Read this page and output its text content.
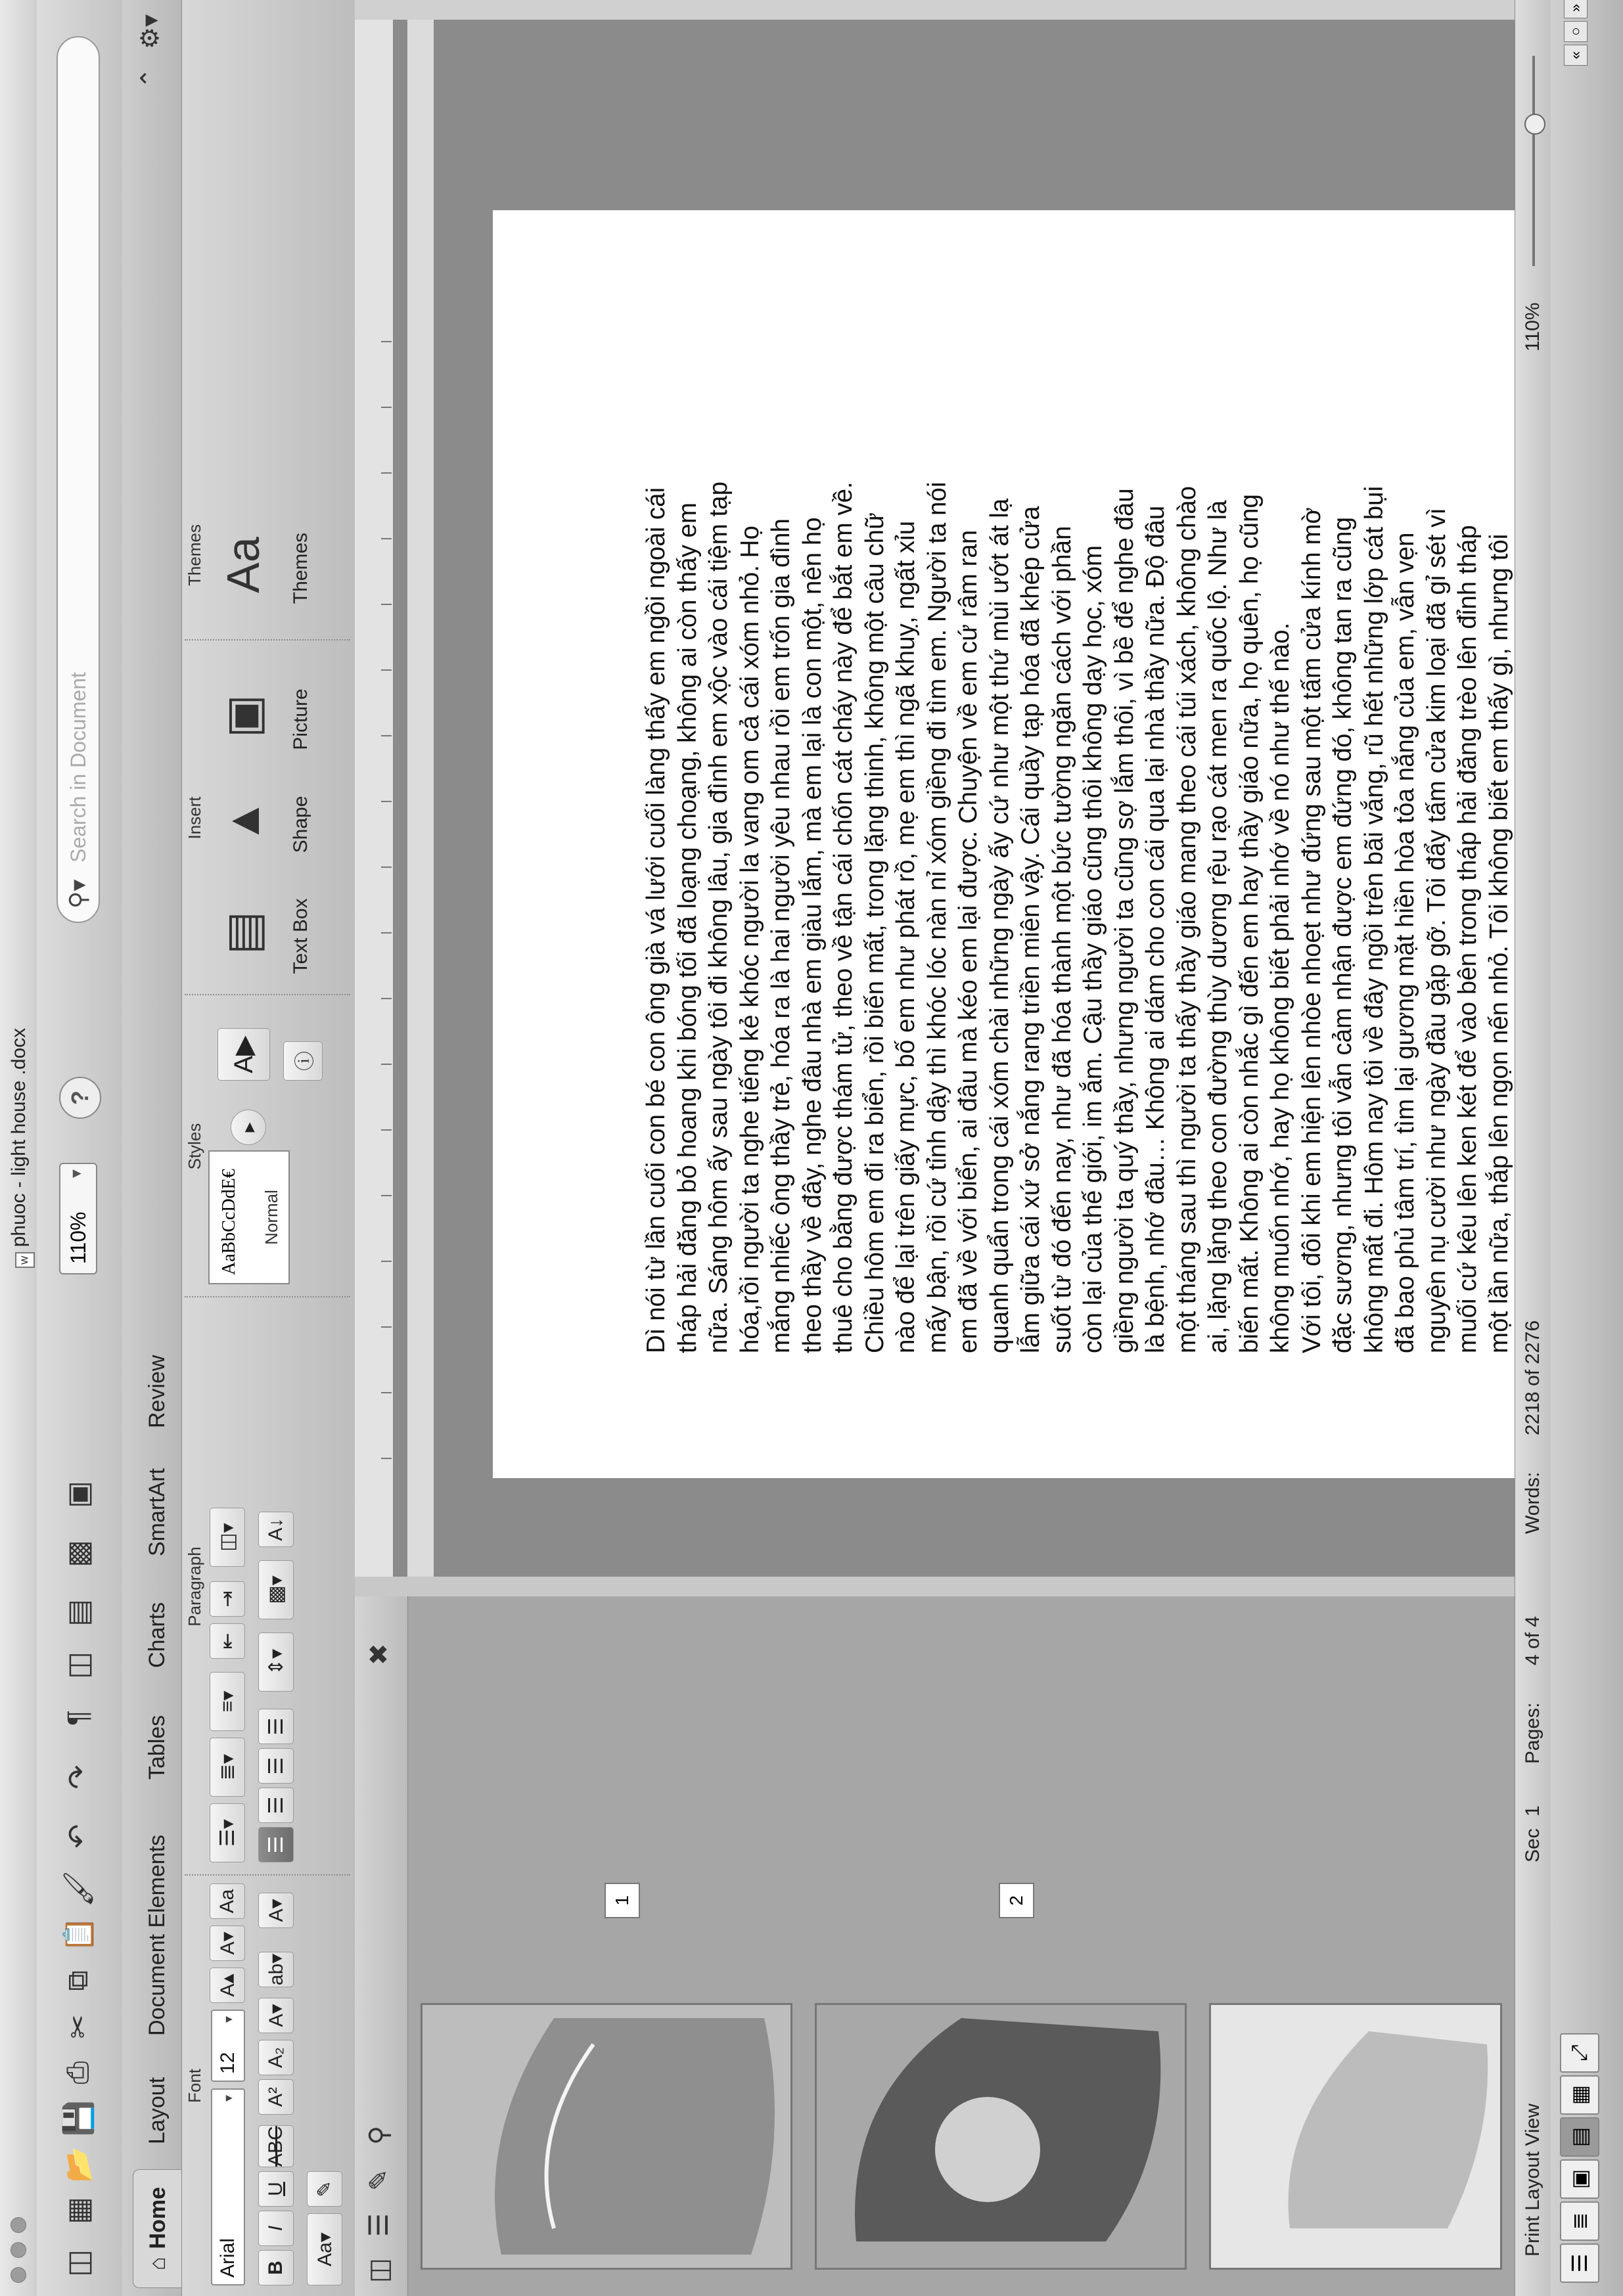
Wphuoc - light house .docx
◫
▦
📂
💾
⎙
✂
⧉
📋
🖌
↶
↷
¶
◫
▤
▩
▣
110%
▾
?
⚲▾
Search in Document
⌂
Home
Layout
Document Elements
Tables
Charts
SmartArt
Review
⌃
⚙▾
Font
Arial
▾
12
▾
A▴
A▾
Aa
B
I
U
ABC
A²
A₂
A▾
ab▾
A▾
Aa▾
✎
Paragraph
☰▾
≣▾
≡▾
⇤
⇥
◫▾
☰
☰
☰
☰
⇕▾
▩▾
A↓
Styles
AaBbCcDdE€ Normal
▸
A▶	ⓘ
Insert
▤	Text Box
▲	Shape
▣	Picture
Themes Aa	Themes
◫
☰
✎
⚲
✖
1	2

Dì nói từ lần cuối con bé con ông già vá lưới cuối làng thấy em ngồi ngoài cái tháp hải đăng bỏ hoang khi bóng tối đã loạng choạng, không ai còn thấy em nữa. Sáng hôm ấy sau ngày tôi đi không lâu, gia đình em xộc vào cái tiệm tạp hóa,rồi người ta nghe tiếng kẻ khóc người la vang om cả cái xóm nhỏ. Họ mắng nhiếc ông thầy trẻ, hóa ra là hai người yêu nhau rồi em trốn gia đình theo thầy về đây, nghe đâu nhà em giàu lắm, mà em lại là con một, nên họ thuê cho bằng được thám tử, theo về tận cái chốn cát cháy này để bắt em về. Chiều hôm em đi ra biển, rồi biến mất, trong lặng thinh, không một câu chữ nào để lại trên giấy mực, bố em như phát rồ, mẹ em thì ngã khuỵ, ngất xỉu mấy bận, rồi cứ tỉnh dậy thì khóc lóc nàn nỉ xóm giềng đi tìm em. Người ta nói em đã về với biển, ai đâu mà kéo em lại được. Chuyện về em cứ râm ran quanh quẩn trong cái xóm chài những ngày ấy cứ như một thứ mùi ướt át lạ lẫm giữa cái xứ sở nắng rang triền miên vậy. Cái quầy tạp hóa đã khép cửa suốt từ đó đến nay, như đã hóa thành một bức tường ngăn cách với phần còn lại của thế giới, im ắm. Cậu thầy giáo cũng thôi không dạy học, xóm giềng người ta quý thầy, nhưng người ta cũng sợ lắm thôi, vì bề để nghe đâu là bệnh, nhớ đâu… Không ai dám cho con cái qua lại nhà thầy nữa. Độ đâu một tháng sau thì người ta thấy thầy giáo mang theo cái túi xách, không chào ai, lặng lặng theo con đường thùy dương rệu rạo cát men ra quốc lộ. Như là biến mất. Không ai còn nhắc gì đến em hay thầy giáo nữa, họ quên, họ cũng không muốn nhớ, hay họ không biết phải nhớ về nó như thế nào. Với tôi, đôi khi em hiện lên nhòe nhoẹt như đứng sau một tấm cửa kính mờ đặc sương, nhưng tôi vẫn cảm nhận được em đứng đó, không tan ra cũng không mất đi. Hôm nay tôi về đây ngồi trên bãi vắng, rũ hết những lớp cát bụi đã bao phủ tâm trí, tìm lại gương mặt hiền hòa tỏa nắng của em, vẫn vẹn nguyên nụ cười như ngày đầu gặp gỡ. Tôi đẩy tấm cửa kim loại đã gỉ sét vì muối cứ kêu lên ken két để vào bên trong tháp hải đăng trèo lên đỉnh tháp một lần nữa, thắp lên ngọn nến nhỏ. Tôi không biết em thấy gì, nhưng tôi

Print Layout View
Sec
1
Pages:
4 of 4
Words:
2218 of 2276
110%
☰
≣
▣
▤
▦
⤢
«
○
»
